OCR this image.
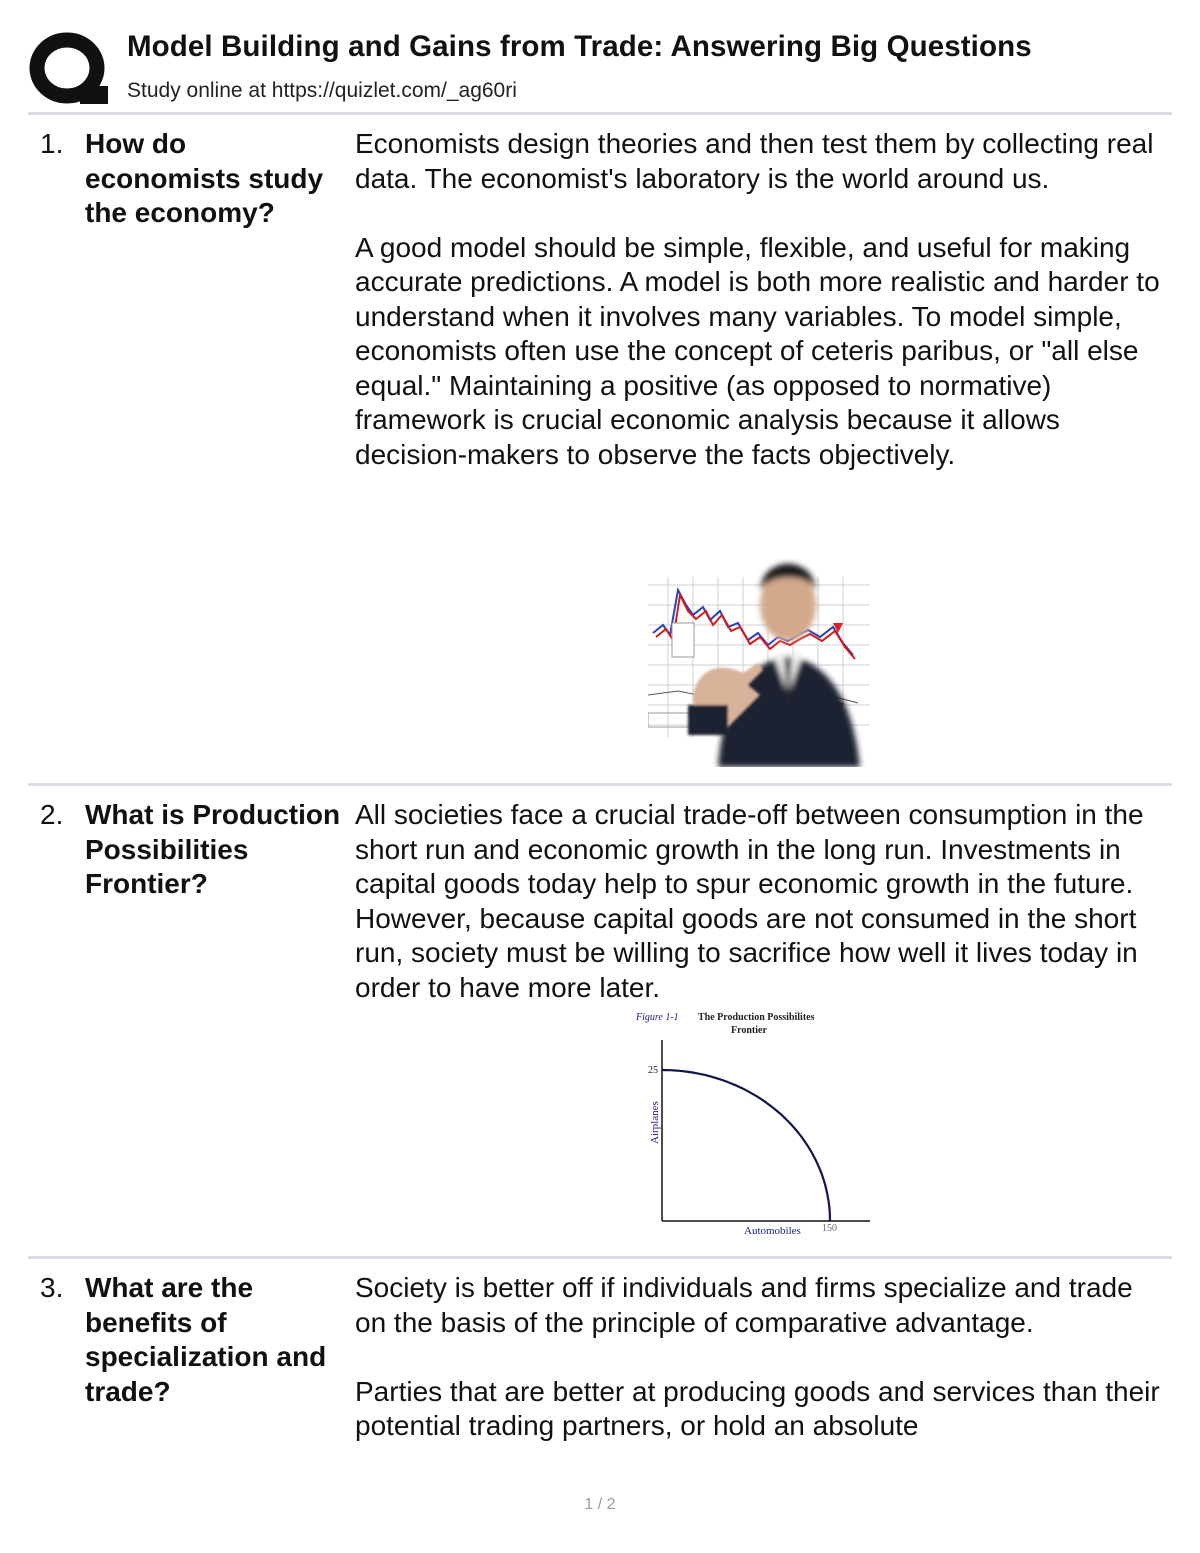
Model Building and Gains from Trade: Answering Big Questions
Study online at https://quizlet.com/_ag60ri
1. How do economists study the economy?

Economists design theories and then test them by collecting real data. The economist's laboratory is the world around us.

A good model should be simple, flexible, and useful for making accurate predictions. A model is both more realistic and harder to understand when it involves many variables. To model simple, economists often use the concept of ceteris paribus, or "all else equal." Maintaining a positive (as opposed to normative) framework is crucial economic analysis because it allows decision-makers to observe the facts objectively.

2. What is Production Possibilities Frontier?

All societies face a crucial trade-off between consumption in the short run and economic growth in the long run. Investments in capital goods today help to spur economic growth in the future. However, because capital goods are not consumed in the short run, society must be willing to sacrifice how well it lives today in order to have more later.

Figure 1-1 The Production Possibilites
Frontier
25
150
Airplanes
Automobiles
3. What are the benefits of specialization and trade?

Society is better off if individuals and firms specialize and trade on the basis of the principle of comparative advantage.

Parties that are better at producing goods and services than their potential trading partners, or hold an absolute

1 / 2
